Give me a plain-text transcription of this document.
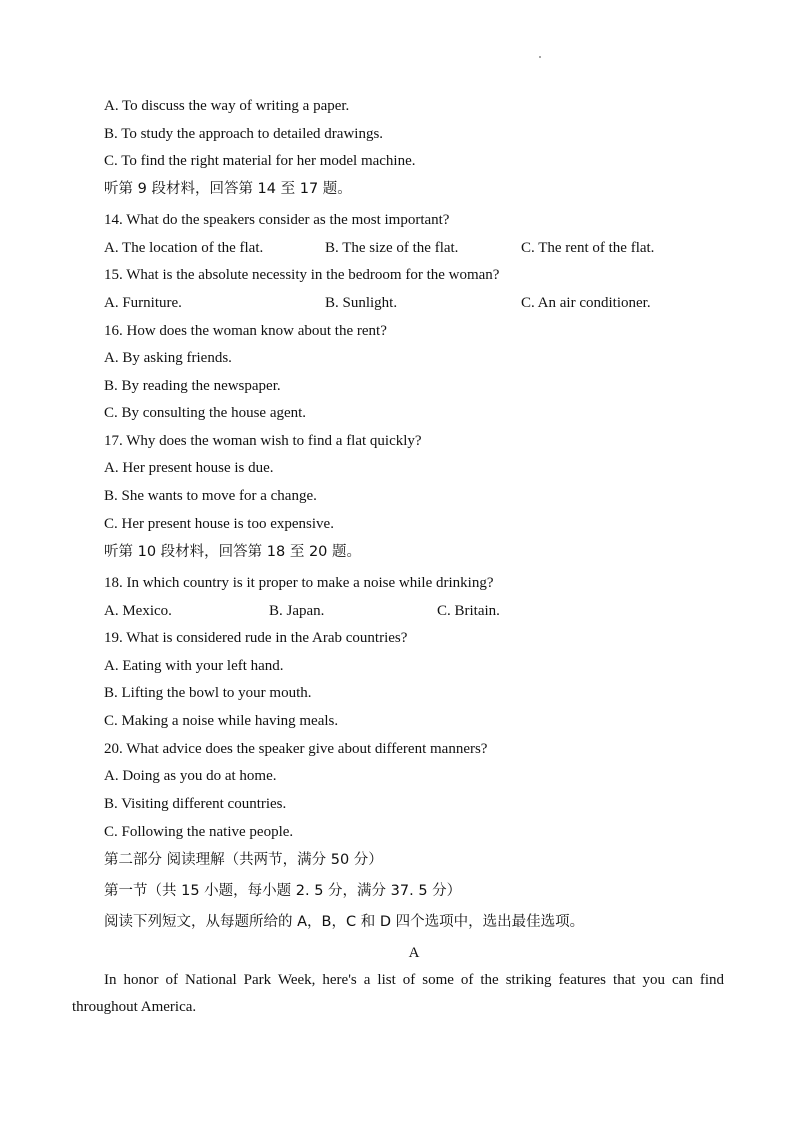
A. To discuss the way of writing a paper.
B. To study the approach to detailed drawings.
C. To find the right material for her model machine.
听第 9 段材料，回答第 14 至 17 题。
14. What do the speakers consider as the most important?
A. The location of the flat.	B. The size of the flat.	C. The rent of the flat.
15. What is the absolute necessity in the bedroom for the woman?
A. Furniture.	B. Sunlight.	C. An air conditioner.
16. How does the woman know about the rent?
A. By asking friends.
B. By reading the newspaper.
C. By consulting the house agent.
17. Why does the woman wish to find a flat quickly?
A. Her present house is due.
B. She wants to move for a change.
C. Her present house is too expensive.
听第 10 段材料，回答第 18 至 20 题。
18. In which country is it proper to make a noise while drinking?
A. Mexico.	B. Japan.	C. Britain.
19. What is considered rude in the Arab countries?
A. Eating with your left hand.
B. Lifting the bowl to your mouth.
C. Making a noise while having meals.
20. What advice does the speaker give about different manners?
A. Doing as you do at home.
B. Visiting different countries.
C. Following the native people.
第二部分 阅读理解（共两节，满分 50 分）
第一节（共 15 小题，每小题 2. 5 分，满分 37. 5 分）
阅读下列短文，从每题所给的 A，B，C 和 D 四个选项中，选出最佳选项。
A
In honor of National Park Week, here's a list of some of the striking features that you can find throughout America.
